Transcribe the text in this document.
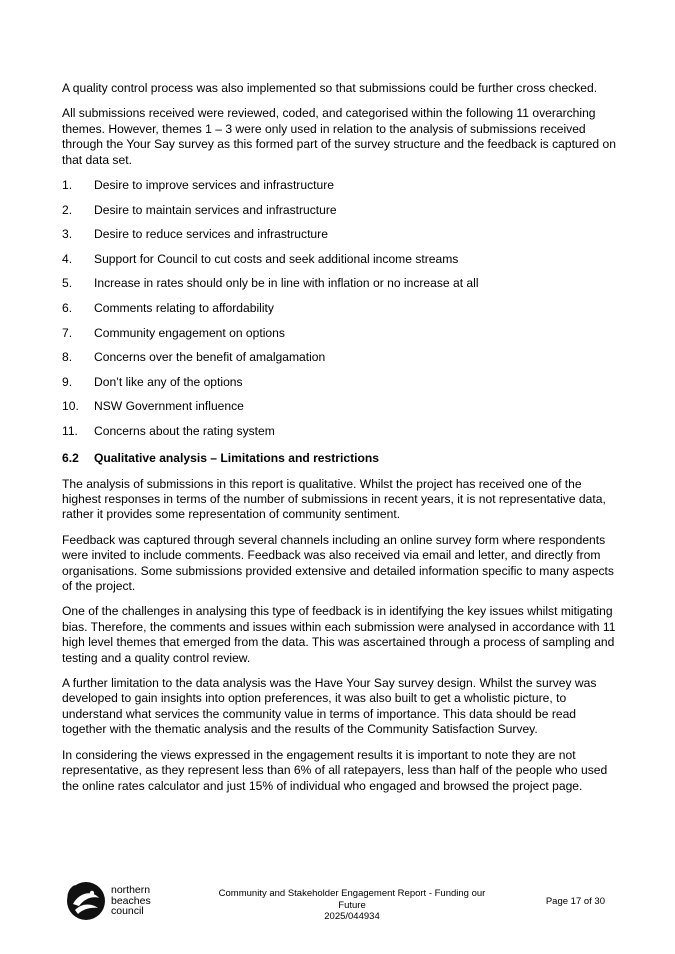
A quality control process was also implemented so that submissions could be further cross checked.

All submissions received were reviewed, coded, and categorised within the following 11 overarching themes. However, themes 1 – 3 were only used in relation to the analysis of submissions received through the Your Say survey as this formed part of the survey structure and the feedback is captured on that data set.

1.	Desire to improve services and infrastructure
2.	Desire to maintain services and infrastructure
3.	Desire to reduce services and infrastructure
4.	Support for Council to cut costs and seek additional income streams
5.	Increase in rates should only be in line with inflation or no increase at all
6.	Comments relating to affordability
7.	Community engagement on options
8.	Concerns over the benefit of amalgamation
9.	Don’t like any of the options
10.	NSW Government influence
11.	Concerns about the rating system
6.2	Qualitative analysis – Limitations and restrictions

The analysis of submissions in this report is qualitative. Whilst the project has received one of the highest responses in terms of the number of submissions in recent years, it is not representative data, rather it provides some representation of community sentiment.

Feedback was captured through several channels including an online survey form where respondents were invited to include comments. Feedback was also received via email and letter, and directly from organisations. Some submissions provided extensive and detailed information specific to many aspects of the project.

One of the challenges in analysing this type of feedback is in identifying the key issues whilst mitigating bias. Therefore, the comments and issues within each submission were analysed in accordance with 11 high level themes that emerged from the data. This was ascertained through a process of sampling and testing and a quality control review.

A further limitation to the data analysis was the Have Your Say survey design. Whilst the survey was developed to gain insights into option preferences, it was also built to get a wholistic picture, to understand what services the community value in terms of importance. This data should be read together with the thematic analysis and the results of the Community Satisfaction Survey.

In considering the views expressed in the engagement results it is important to note they are not representative, as they represent less than 6% of all ratepayers, less than half of the people who used the online rates calculator and just 15% of individual who engaged and browsed the project page.

northern
beaches
council
Community and Stakeholder Engagement Report - Funding our Future
2025/044934
Page 17 of 30
